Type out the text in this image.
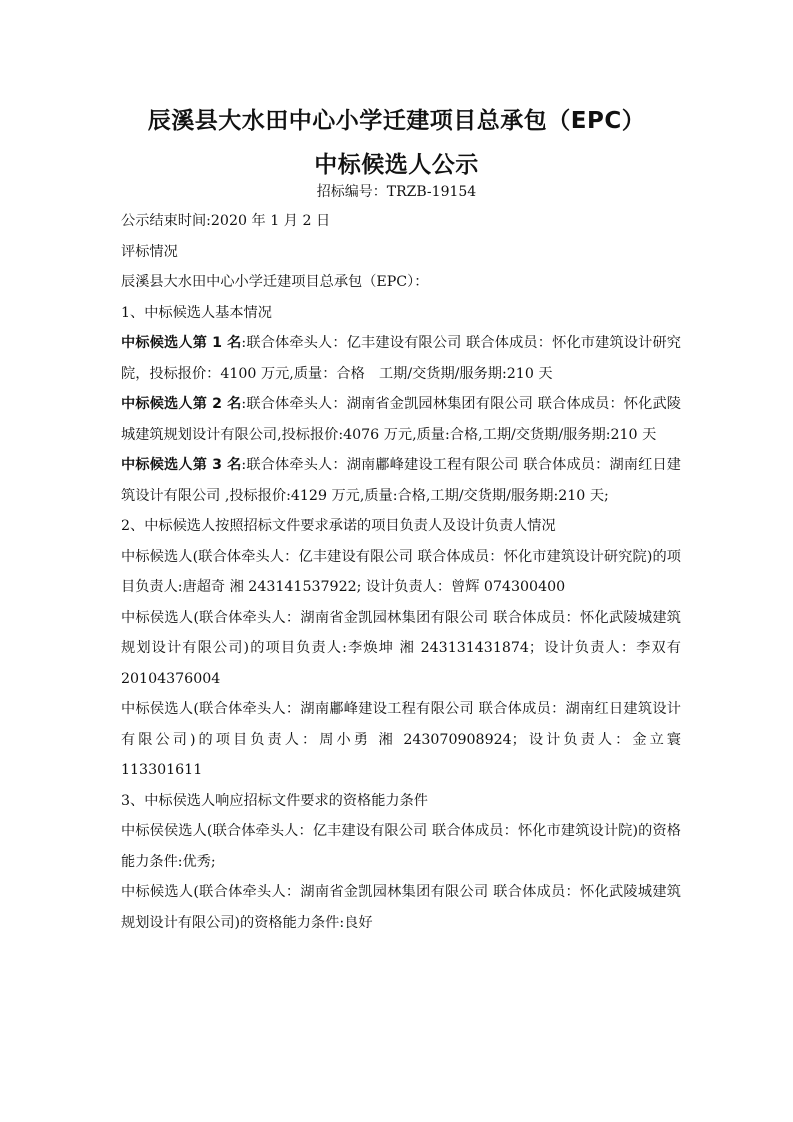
辰溪县大水田中心小学迁建项目总承包（EPC）
中标候选人公示
招标编号：TRZB-19154

公示结束时间:2020 年 1 月 2 日

评标情况

辰溪县大水田中心小学迁建项目总承包（EPC）：

1、中标候选人基本情况

中标候选人第 1 名:联合体牵头人：亿丰建设有限公司 联合体成员：怀化市建筑设计研究院，投标报价：4100 万元,质量：合格　工期/交货期/服务期:210 天

中标候选人第 2 名:联合体牵头人：湖南省金凯园林集团有限公司 联合体成员：怀化武陵城建筑规划设计有限公司,投标报价:4076 万元,质量:合格,工期/交货期/服务期:210 天

中标候选人第 3 名:联合体牵头人：湖南鄘峰建设工程有限公司 联合体成员：湖南红日建筑设计有限公司 ,投标报价:4129 万元,质量:合格,工期/交货期/服务期:210 天;

2、中标候选人按照招标文件要求承诺的项目负责人及设计负责人情况

中标候选人(联合体牵头人：亿丰建设有限公司 联合体成员：怀化市建筑设计研究院)的项目负责人:唐超奇 湘 243141537922; 设计负责人：曾辉 074300400

中标侯选人(联合体牵头人：湖南省金凯园林集团有限公司 联合体成员：怀化武陵城建筑规划设计有限公司)的项目负责人:李焕坤 湘 243131431874；设计负责人：李双有 20104376004

中标侯选人(联合体牵头人：湖南鄘峰建设工程有限公司 联合体成员：湖南红日建筑设计有限公司)的项目负责人：周小勇 湘 243070908924；设计负责人：金立寰 113301611

3、中标侯选人响应招标文件要求的资格能力条件

中标侯侯选人(联合体牵头人：亿丰建设有限公司 联合体成员：怀化市建筑设计院)的资格能力条件:优秀;

中标候选人(联合体牵头人：湖南省金凯园林集团有限公司 联合体成员：怀化武陵城建筑规划设计有限公司)的资格能力条件:良好
